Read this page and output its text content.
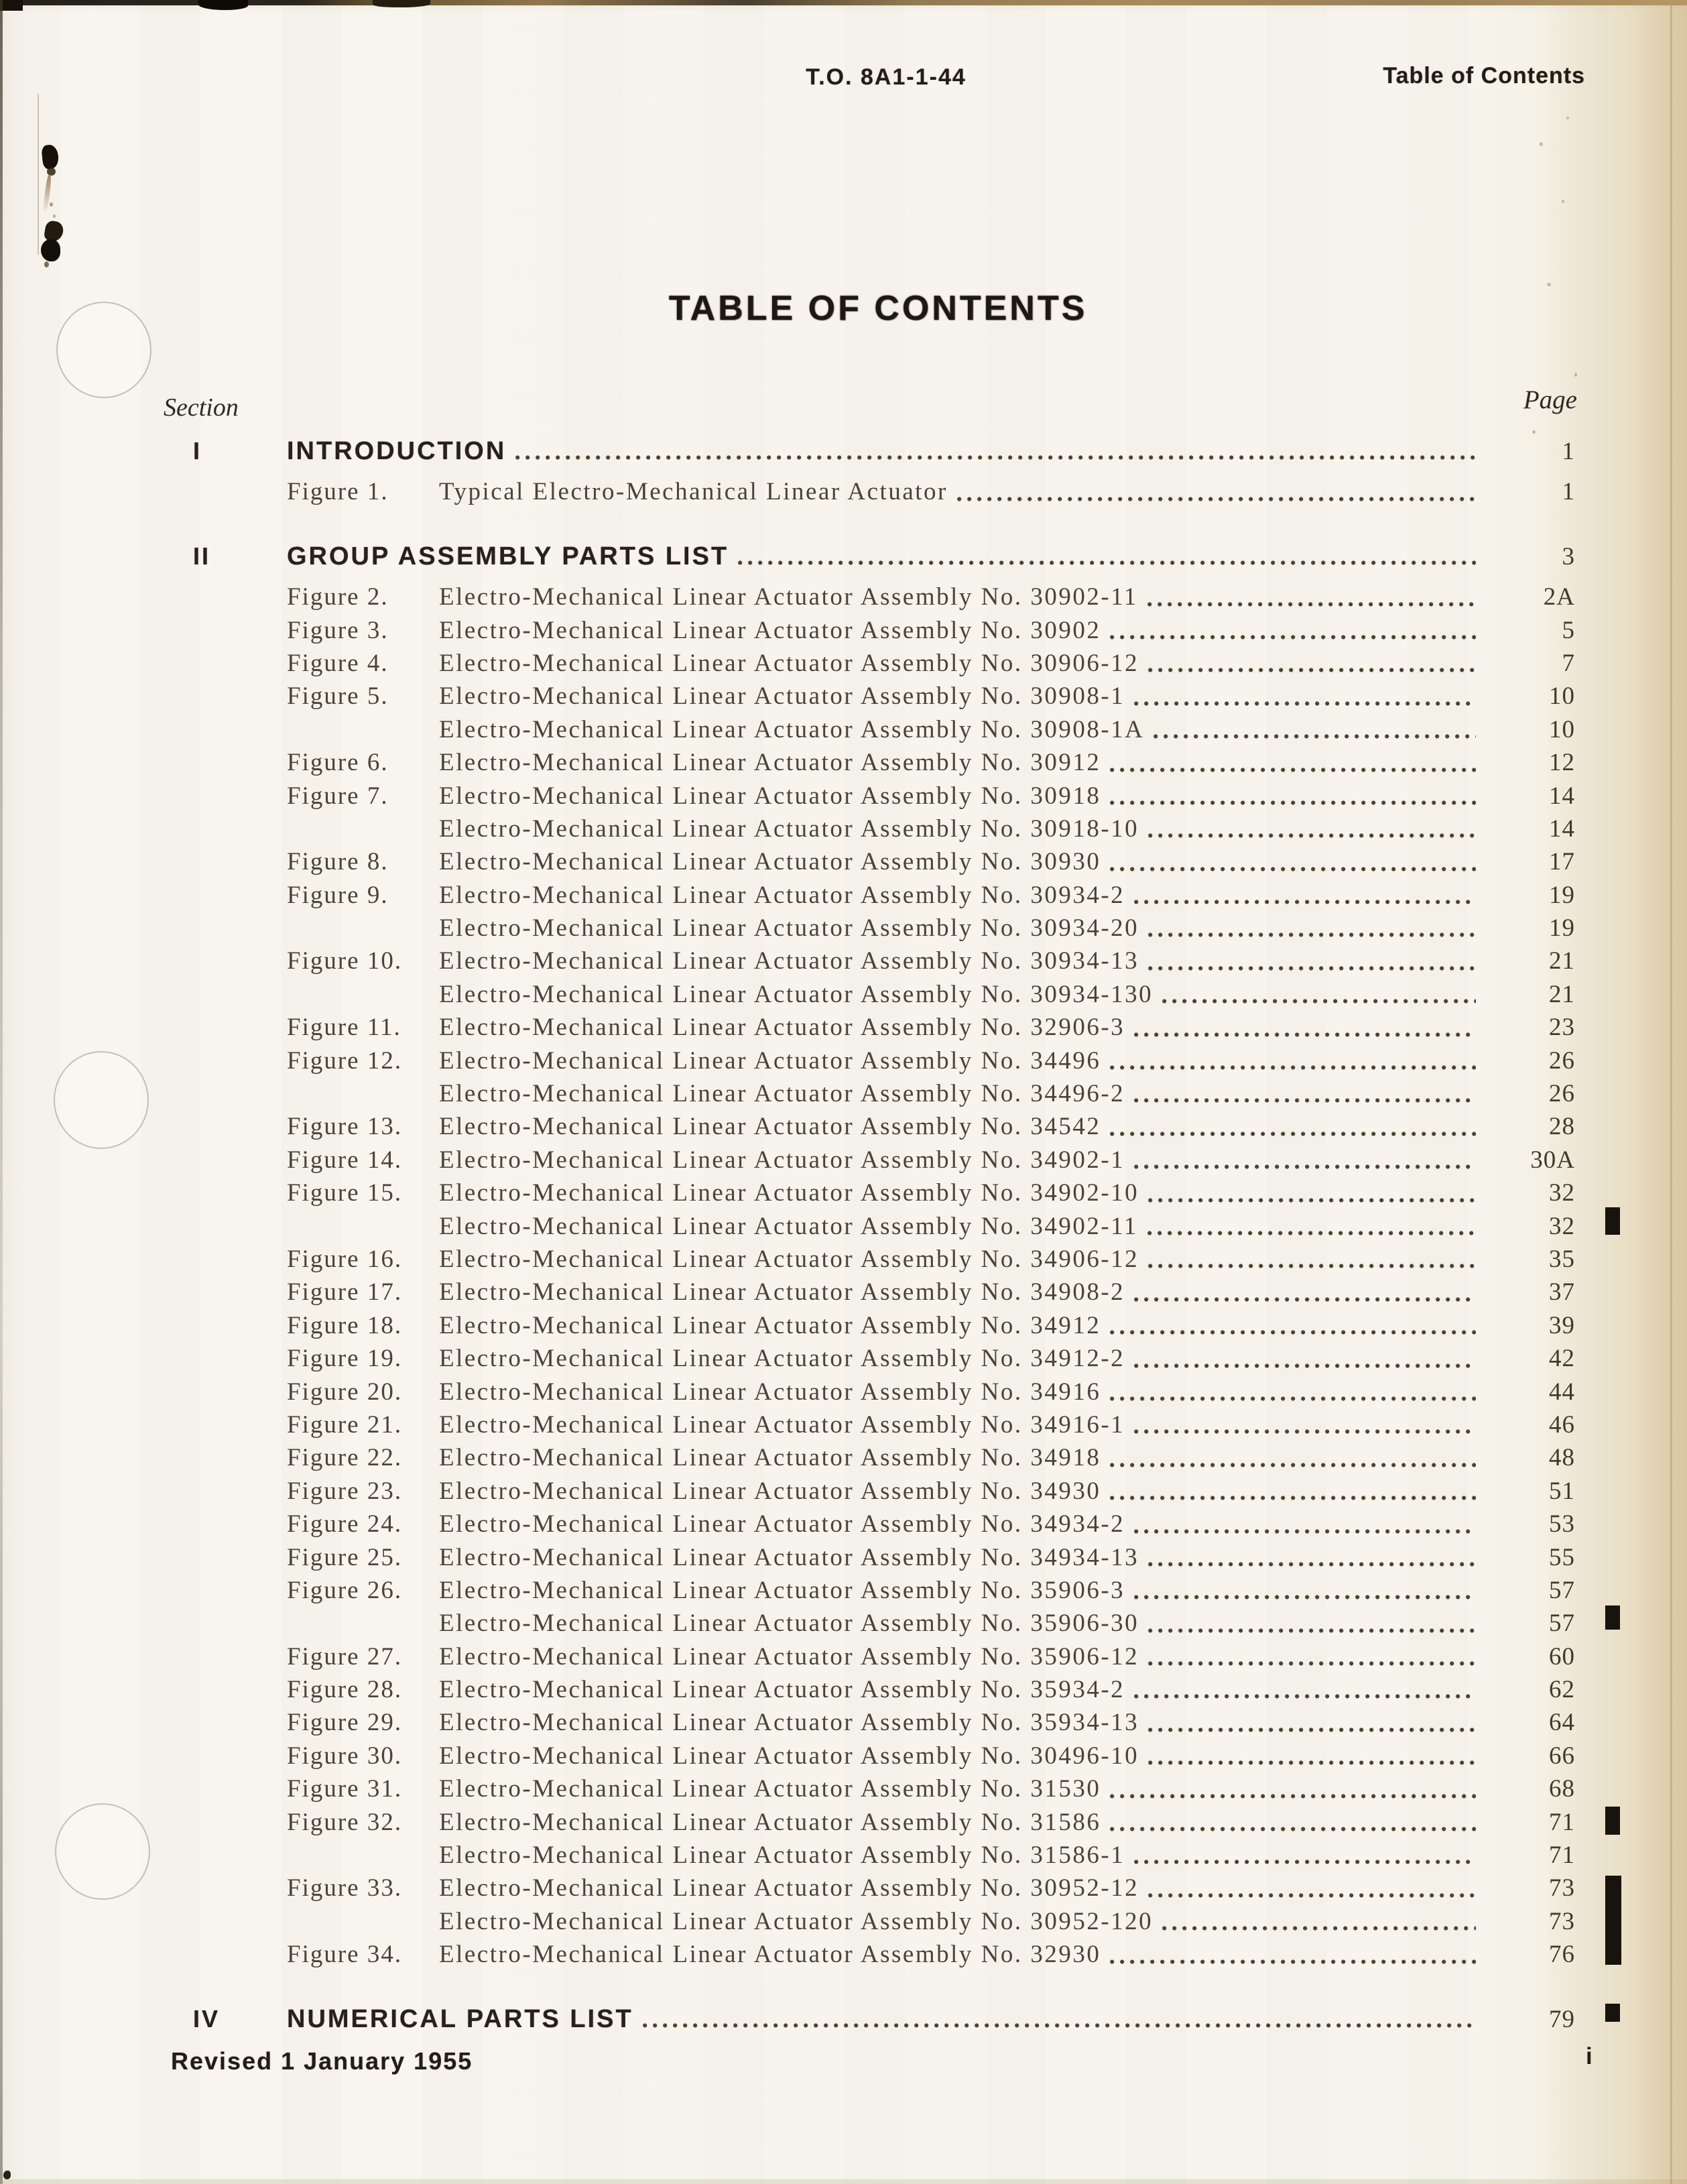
T.O. 8A1-1-44	Table of Contents
TABLE OF CONTENTS
Section	Page
I	INTRODUCTION	1
Figure 1.	Typical Electro-Mechanical Linear Actuator	1
II	GROUP ASSEMBLY PARTS LIST	3
Figure 2.	Electro-Mechanical Linear Actuator Assembly No. 30902-11	2A
Figure 3.	Electro-Mechanical Linear Actuator Assembly No. 30902	5
Figure 4.	Electro-Mechanical Linear Actuator Assembly No. 30906-12	7
Figure 5.	Electro-Mechanical Linear Actuator Assembly No. 30908-1	10
Electro-Mechanical Linear Actuator Assembly No. 30908-1A	10
Figure 6.	Electro-Mechanical Linear Actuator Assembly No. 30912	12
Figure 7.	Electro-Mechanical Linear Actuator Assembly No. 30918	14
Electro-Mechanical Linear Actuator Assembly No. 30918-10	14
Figure 8.	Electro-Mechanical Linear Actuator Assembly No. 30930	17
Figure 9.	Electro-Mechanical Linear Actuator Assembly No. 30934-2	19
Electro-Mechanical Linear Actuator Assembly No. 30934-20	19
Figure 10.	Electro-Mechanical Linear Actuator Assembly No. 30934-13	21
Electro-Mechanical Linear Actuator Assembly No. 30934-130	21
Figure 11.	Electro-Mechanical Linear Actuator Assembly No. 32906-3	23
Figure 12.	Electro-Mechanical Linear Actuator Assembly No. 34496	26
Electro-Mechanical Linear Actuator Assembly No. 34496-2	26
Figure 13.	Electro-Mechanical Linear Actuator Assembly No. 34542	28
Figure 14.	Electro-Mechanical Linear Actuator Assembly No. 34902-1	30A
Figure 15.	Electro-Mechanical Linear Actuator Assembly No. 34902-10	32
Electro-Mechanical Linear Actuator Assembly No. 34902-11	32
Figure 16.	Electro-Mechanical Linear Actuator Assembly No. 34906-12	35
Figure 17.	Electro-Mechanical Linear Actuator Assembly No. 34908-2	37
Figure 18.	Electro-Mechanical Linear Actuator Assembly No. 34912	39
Figure 19.	Electro-Mechanical Linear Actuator Assembly No. 34912-2	42
Figure 20.	Electro-Mechanical Linear Actuator Assembly No. 34916	44
Figure 21.	Electro-Mechanical Linear Actuator Assembly No. 34916-1	46
Figure 22.	Electro-Mechanical Linear Actuator Assembly No. 34918	48
Figure 23.	Electro-Mechanical Linear Actuator Assembly No. 34930	51
Figure 24.	Electro-Mechanical Linear Actuator Assembly No. 34934-2	53
Figure 25.	Electro-Mechanical Linear Actuator Assembly No. 34934-13	55
Figure 26.	Electro-Mechanical Linear Actuator Assembly No. 35906-3	57
Electro-Mechanical Linear Actuator Assembly No. 35906-30	57
Figure 27.	Electro-Mechanical Linear Actuator Assembly No. 35906-12	60
Figure 28.	Electro-Mechanical Linear Actuator Assembly No. 35934-2	62
Figure 29.	Electro-Mechanical Linear Actuator Assembly No. 35934-13	64
Figure 30.	Electro-Mechanical Linear Actuator Assembly No. 30496-10	66
Figure 31.	Electro-Mechanical Linear Actuator Assembly No. 31530	68
Figure 32.	Electro-Mechanical Linear Actuator Assembly No. 31586	71
Electro-Mechanical Linear Actuator Assembly No. 31586-1	71
Figure 33.	Electro-Mechanical Linear Actuator Assembly No. 30952-12	73
Electro-Mechanical Linear Actuator Assembly No. 30952-120	73
Figure 34.	Electro-Mechanical Linear Actuator Assembly No. 32930	76
IV	NUMERICAL PARTS LIST	79
Revised 1 January 1955	i
